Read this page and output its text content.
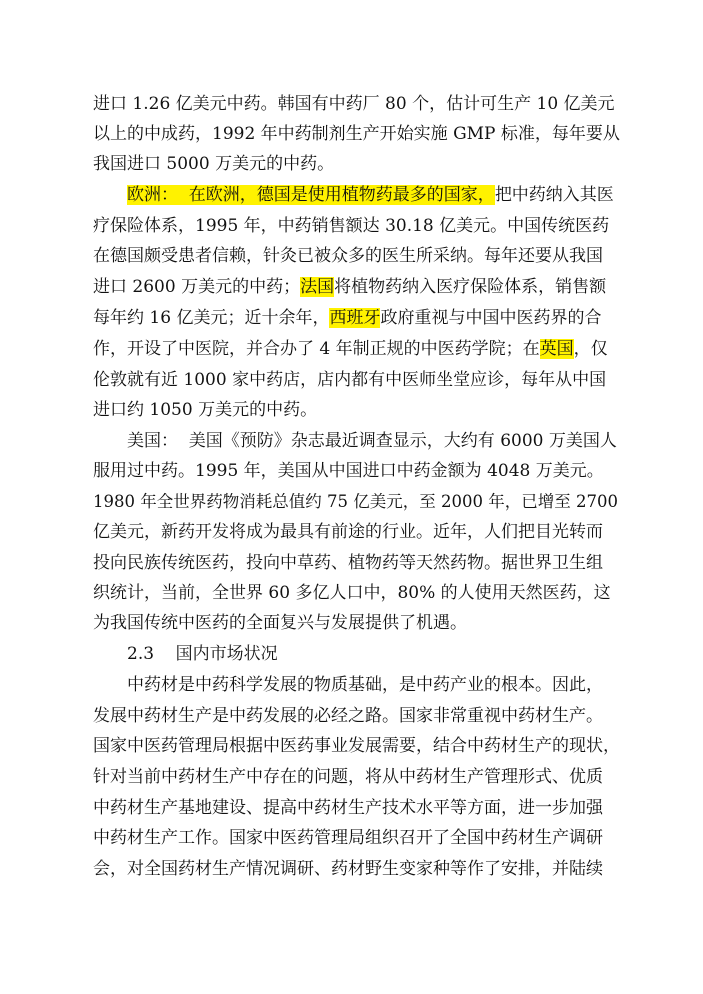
进口 1.26 亿美元中药。韩国有中药厂 80 个，估计可生产 10 亿美元
以上的中成药，1992 年中药制剂生产开始实施 GMP 标准，每年要从
我国进口 5000 万美元的中药。
欧洲：  在欧洲，德国是使用植物药最多的国家，把中药纳入其医
疗保险体系，1995 年，中药销售额达 30.18 亿美元。中国传统医药
在德国颇受患者信赖，针灸已被众多的医生所采纳。每年还要从我国
进口 2600 万美元的中药；法国将植物药纳入医疗保险体系，销售额
每年约 16 亿美元；近十余年，西班牙政府重视与中国中医药界的合
作，开设了中医院，并合办了 4 年制正规的中医药学院；在英国，仅
伦敦就有近 1000 家中药店，店内都有中医师坐堂应诊，每年从中国
进口约 1050 万美元的中药。
美国：  美国《预防》杂志最近调查显示，大约有 6000 万美国人
服用过中药。1995 年，美国从中国进口中药金额为 4048 万美元。
1980 年全世界药物消耗总值约 75 亿美元，至 2000 年，已增至 2700
亿美元，新药开发将成为最具有前途的行业。近年，人们把目光转而
投向民族传统医药，投向中草药、植物药等天然药物。据世界卫生组
织统计，当前，全世界 60 多亿人口中，80% 的人使用天然医药，这
为我国传统中医药的全面复兴与发展提供了机遇。
2.3    国内市场状况
中药材是中药科学发展的物质基础，是中药产业的根本。因此，
发展中药材生产是中药发展的必经之路。国家非常重视中药材生产。
国家中医药管理局根据中医药事业发展需要，结合中药材生产的现状，
针对当前中药材生产中存在的问题，将从中药材生产管理形式、优质
中药材生产基地建设、提高中药材生产技术水平等方面，进一步加强
中药材生产工作。国家中医药管理局组织召开了全国中药材生产调研
会，对全国药材生产情况调研、药材野生变家种等作了安排，并陆续
